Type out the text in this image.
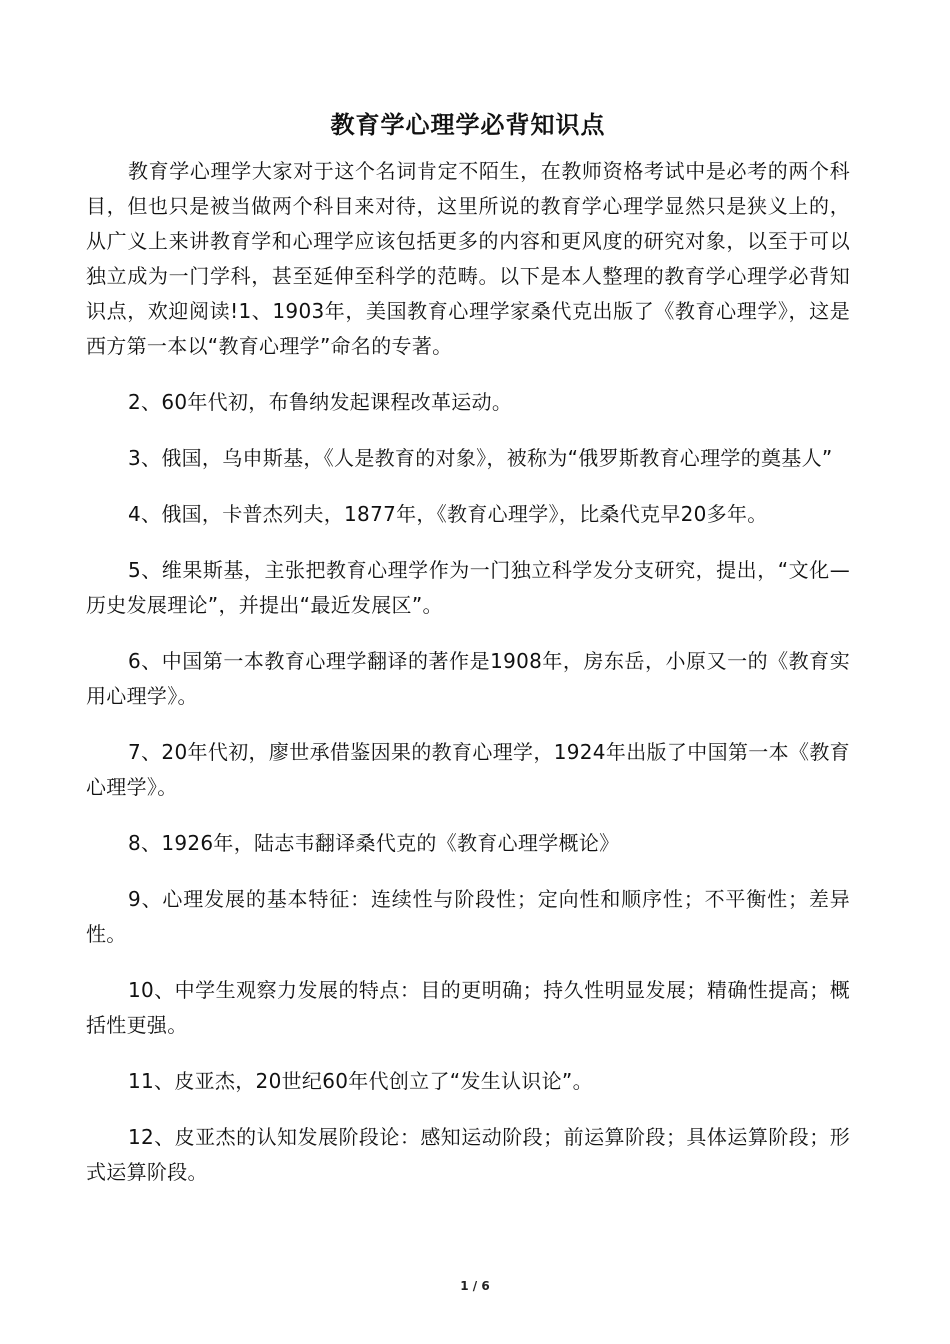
教育学心理学必背知识点

教育学心理学大家对于这个名词肯定不陌生，在教师资格考试中是必考的两个科目，但也只是被当做两个科目来对待，这里所说的教育学心理学显然只是狭义上的，从广义上来讲教育学和心理学应该包括更多的内容和更风度的研究对象，以至于可以独立成为一门学科，甚至延伸至科学的范畴。以下是本人整理的教育学心理学必背知识点，欢迎阅读!1、1903年，美国教育心理学家桑代克出版了《教育心理学》，这是西方第一本以“教育心理学”命名的专著。

2、60年代初，布鲁纳发起课程改革运动。

3、俄国，乌申斯基，《人是教育的对象》，被称为“俄罗斯教育心理学的奠基人”

4、俄国，卡普杰列夫，1877年，《教育心理学》，比桑代克早20多年。

5、维果斯基，主张把教育心理学作为一门独立科学发分支研究，提出，“文化—历史发展理论”，并提出“最近发展区”。

6、中国第一本教育心理学翻译的著作是1908年，房东岳，小原又一的《教育实用心理学》。

7、20年代初，廖世承借鉴因果的教育心理学，1924年出版了中国第一本《教育心理学》。

8、1926年，陆志韦翻译桑代克的《教育心理学概论》

9、心理发展的基本特征：连续性与阶段性；定向性和顺序性；不平衡性；差异性。

10、中学生观察力发展的特点：目的更明确；持久性明显发展；精确性提高；概括性更强。

11、皮亚杰，20世纪60年代创立了“发生认识论”。

12、皮亚杰的认知发展阶段论：感知运动阶段；前运算阶段；具体运算阶段；形式运算阶段。

1 / 6
